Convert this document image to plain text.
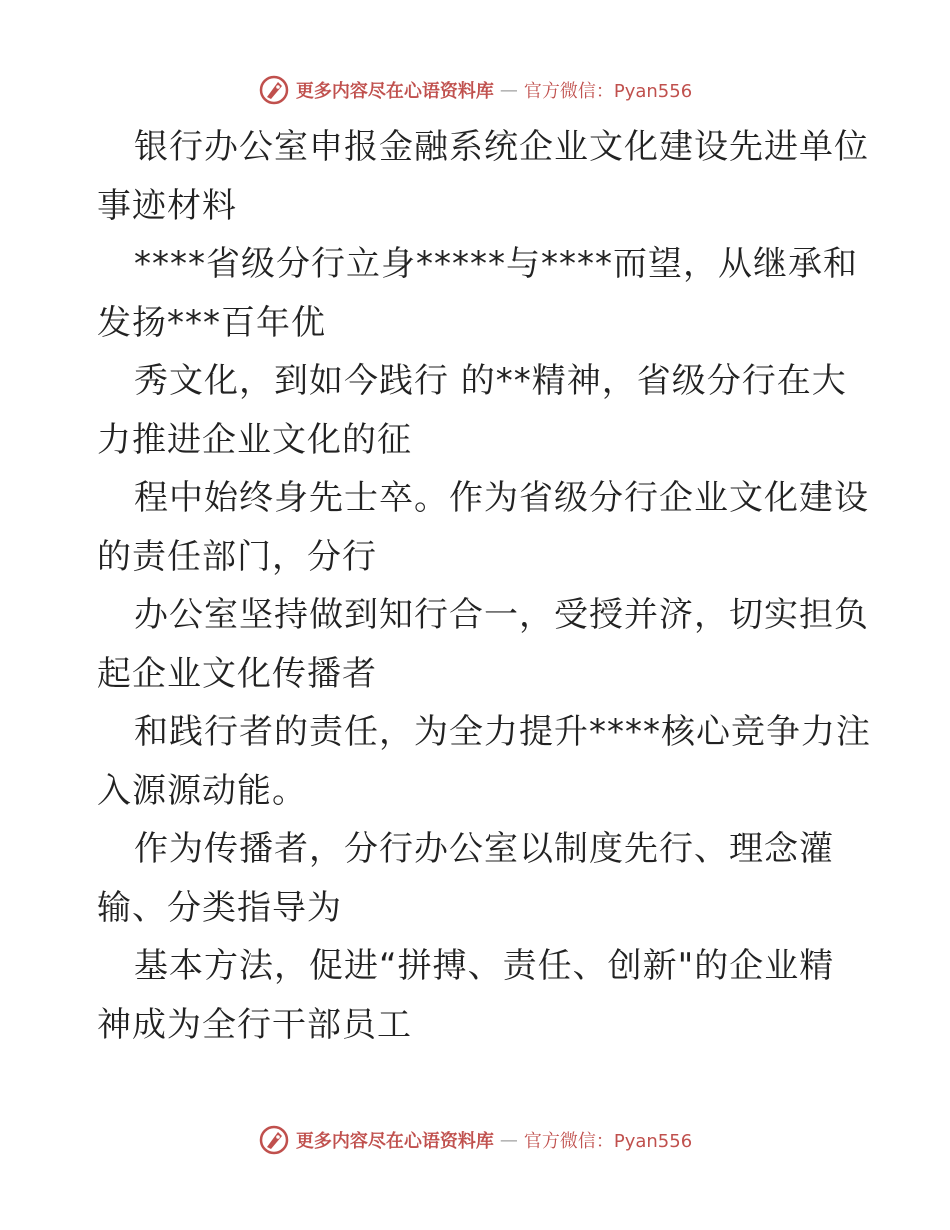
更多内容尽在心语资料库 — 官方微信：Pyan556
银行办公室申报金融系统企业文化建设先进单位
事迹材料
****省级分行立身*****与****而望，从继承和
发扬***百年优
秀文化，到如今践行 的**精神，省级分行在大
力推进企业文化的征
程中始终身先士卒。作为省级分行企业文化建设
的责任部门，分行
办公室坚持做到知行合一，受授并济，切实担负
起企业文化传播者
和践行者的责任，为全力提升****核心竞争力注
入源源动能。
作为传播者，分行办公室以制度先行、理念灌
输、分类指导为
基本方法，促进“拼搏、责任、创新"的企业精
神成为全行干部员工
更多内容尽在心语资料库 — 官方微信：Pyan556
